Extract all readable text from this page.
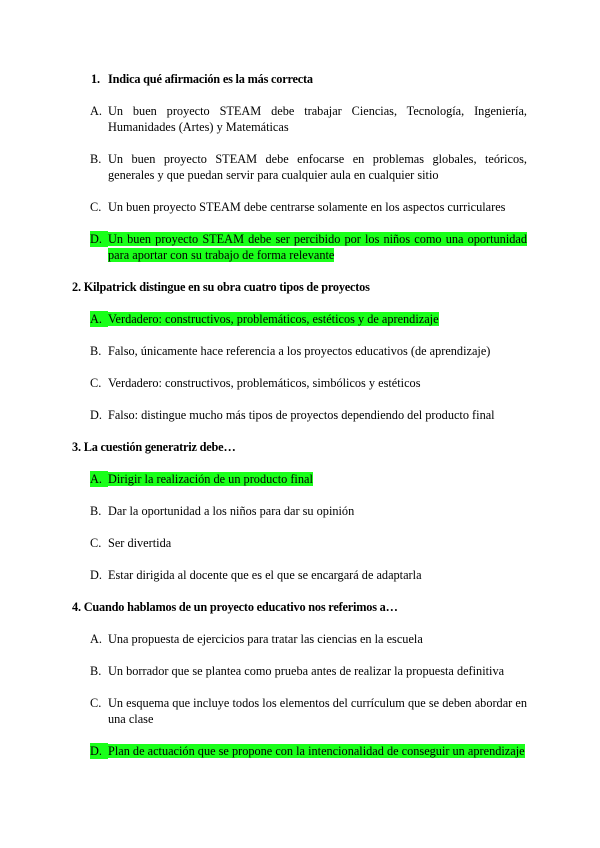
1. Indica qué afirmación es la más correcta
A. Un buen proyecto STEAM debe trabajar Ciencias, Tecnología, Ingeniería, Humanidades (Artes) y Matemáticas
B. Un buen proyecto STEAM debe enfocarse en problemas globales, teóricos, generales y que puedan servir para cualquier aula en cualquier sitio
C. Un buen proyecto STEAM debe centrarse solamente en los aspectos curriculares
D. Un buen proyecto STEAM debe ser percibido por los niños como una oportunidad para aportar con su trabajo de forma relevante
2. Kilpatrick distingue en su obra cuatro tipos de proyectos
A. Verdadero: constructivos, problemáticos, estéticos y de aprendizaje
B. Falso, únicamente hace referencia a los proyectos educativos (de aprendizaje)
C. Verdadero: constructivos, problemáticos, simbólicos y estéticos
D. Falso: distingue mucho más tipos de proyectos dependiendo del producto final
3. La cuestión generatriz debe…
A. Dirigir la realización de un producto final
B. Dar la oportunidad a los niños para dar su opinión
C. Ser divertida
D. Estar dirigida al docente que es el que se encargará de adaptarla
4. Cuando hablamos de un proyecto educativo nos referimos a…
A. Una propuesta de ejercicios para tratar las ciencias en la escuela
B. Un borrador que se plantea como prueba antes de realizar la propuesta definitiva
C. Un esquema que incluye todos los elementos del currículum que se deben abordar en una clase
D. Plan de actuación que se propone con la intencionalidad de conseguir un aprendizaje
